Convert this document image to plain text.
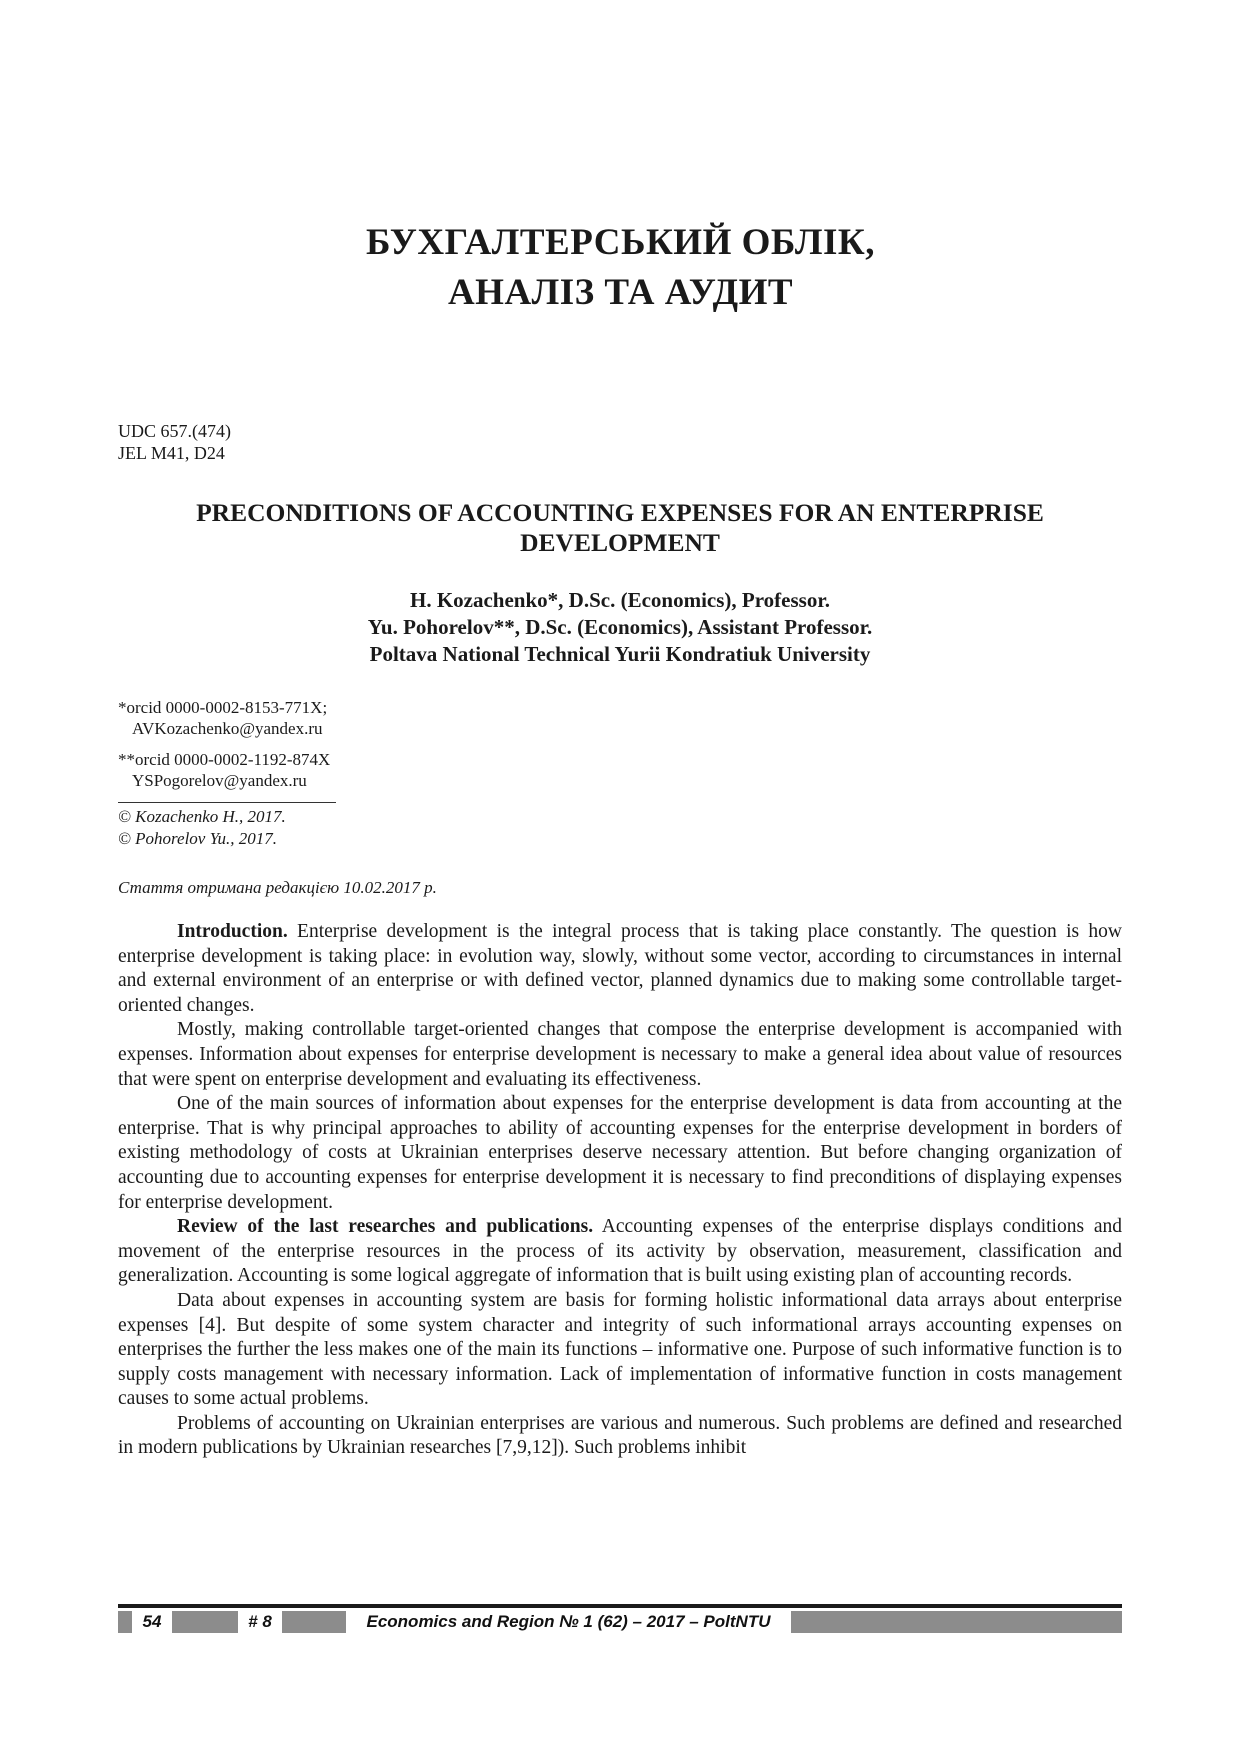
БУХГАЛТЕРСЬКИЙ ОБЛІК,
АНАЛІЗ ТА АУДИТ
UDC 657.(474)
JEL M41, D24
PRECONDITIONS OF ACCOUNTING EXPENSES FOR AN ENTERPRISE
DEVELOPMENT
H. Kozachenko*, D.Sc. (Economics), Professor.
Yu. Pohorelov**, D.Sc. (Economics), Assistant Professor.
Poltava National Technical Yurii Kondratiuk University
*orcid 0000-0002-8153-771X;
AVKozachenko@yandex.ru
**orcid 0000-0002-1192-874X
YSPogorelov@yandex.ru
© Kozachenko H., 2017.
© Pohorelov Yu., 2017.
Стаття отримана редакцією 10.02.2017 р.

Introduction. Enterprise development is the integral process that is taking place constantly. The question is how enterprise development is taking place: in evolution way, slowly, without some vector, according to circumstances in internal and external environment of an enterprise or with defined vector, planned dynamics due to making some controllable target-oriented changes.

Mostly, making controllable target-oriented changes that compose the enterprise development is accompanied with expenses. Information about expenses for enterprise development is necessary to make a general idea about value of resources that were spent on enterprise development and evaluating its effectiveness.

One of the main sources of information about expenses for the enterprise development is data from accounting at the enterprise. That is why principal approaches to ability of accounting expenses for the enterprise development in borders of existing methodology of costs at Ukrainian enterprises deserve necessary attention. But before changing organization of accounting due to accounting expenses for enterprise development it is necessary to find preconditions of displaying expenses for enterprise development.

Review of the last researches and publications. Accounting expenses of the enterprise displays conditions and movement of the enterprise resources in the process of its activity by observation, measurement, classification and generalization. Accounting is some logical aggregate of information that is built using existing plan of accounting records.

Data about expenses in accounting system are basis for forming holistic informational data arrays about enterprise expenses [4]. But despite of some system character and integrity of such informational arrays accounting expenses on enterprises the further the less makes one of the main its functions – informative one. Purpose of such informative function is to supply costs management with necessary information. Lack of implementation of informative function in costs management causes to some actual problems.

Problems of accounting on Ukrainian enterprises are various and numerous. Such problems are defined and researched in modern publications by Ukrainian researches [7,9,12]). Such problems inhibit

54	# 8	Economics and Region № 1 (62) – 2017 – PoltNTU
